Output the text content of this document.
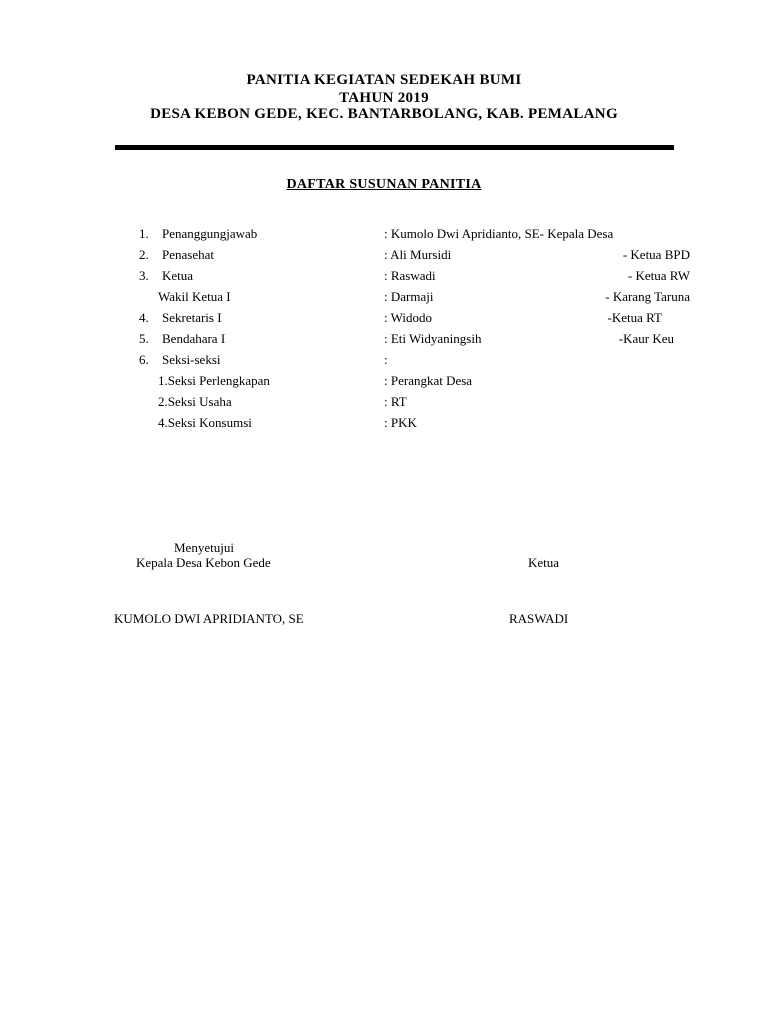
PANITIA KEGIATAN SEDEKAH BUMI
TAHUN 2019
DESA KEBON GEDE, KEC. BANTARBOLANG, KAB. PEMALANG
DAFTAR SUSUNAN PANITIA
1. Penanggungjawab	: Kumolo Dwi Apridianto, SE- Kepala Desa
2. Penasehat	: Ali Mursidi	- Ketua BPD
3. Ketua	: Raswadi	- Ketua RW
Wakil Ketua I	: Darmaji	- Karang Taruna
4. Sekretaris I	: Widodo	-Ketua RT
5. Bendahara I	: Eti Widyaningsih	-Kaur Keu
6. Seksi-seksi	:
1.Seksi Perlengkapan	: Perangkat Desa
2.Seksi Usaha	: RT
4.Seksi Konsumsi	: PKK
Menyetujui
Kepala Desa Kebon Gede	Ketua
KUMOLO DWI APRIDIANTO, SE	RASWADI
